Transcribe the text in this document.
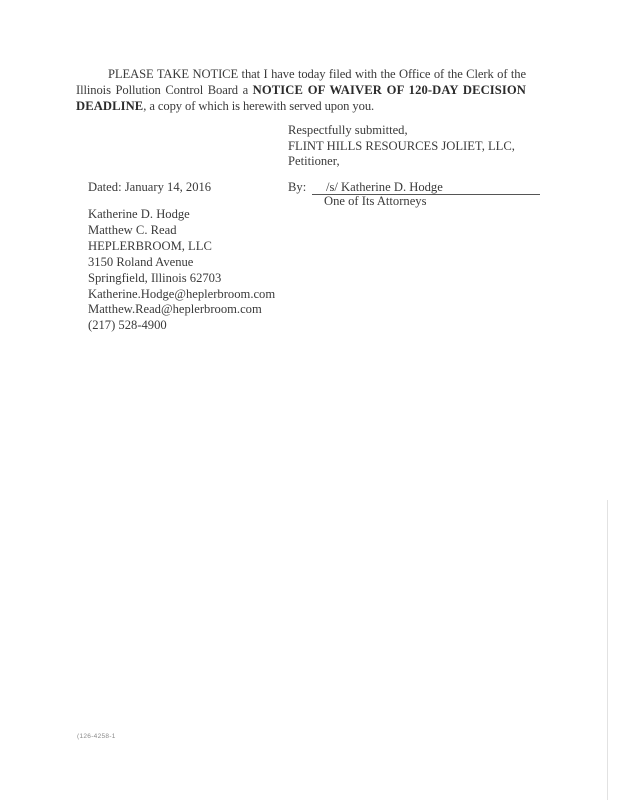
PLEASE TAKE NOTICE that I have today filed with the Office of the Clerk of the Illinois Pollution Control Board a NOTICE OF WAIVER OF 120-DAY DECISION DEADLINE, a copy of which is herewith served upon you.
Respectfully submitted,
FLINT HILLS RESOURCES JOLIET, LLC,
Petitioner,
Dated: January 14, 2016	By: /s/ Katherine D. Hodge
One of Its Attorneys
Katherine D. Hodge
Matthew C. Read
HEPLERBROOM, LLC
3150 Roland Avenue
Springfield, Illinois 62703
Katherine.Hodge@heplerbroom.com
Matthew.Read@heplerbroom.com
(217) 528-4900
(126-4258-1
